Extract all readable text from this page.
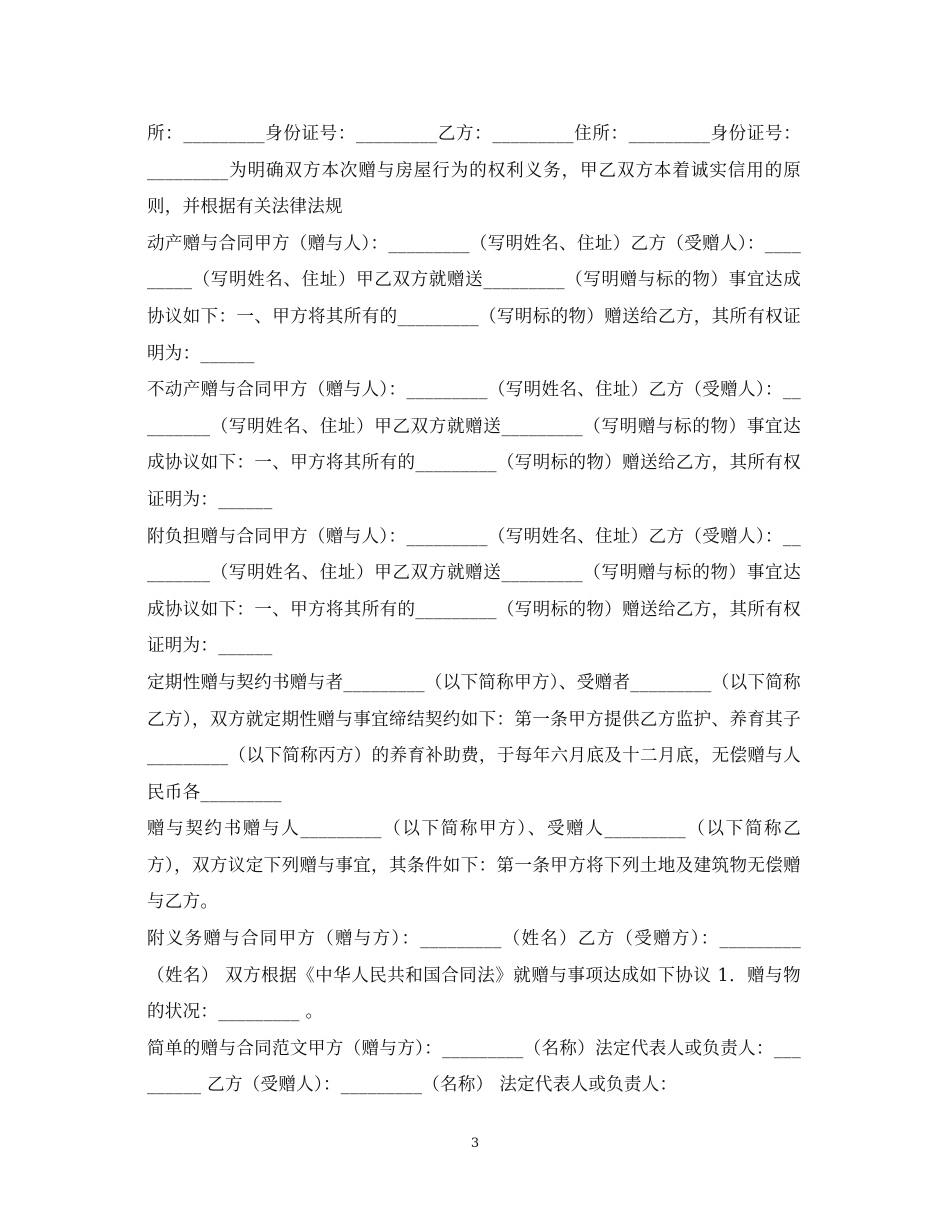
所：_________身份证号：_________乙方：_________住所：_________身份证号：_________为明确双方本次赠与房屋行为的权利义务，甲乙双方本着诚实信用的原则，并根据有关法律法规

动产赠与合同甲方（赠与人）：_________（写明姓名、住址）乙方（受赠人）：_________（写明姓名、住址）甲乙双方就赠送_________（写明赠与标的物）事宜达成协议如下：一、甲方将其所有的_________（写明标的物）赠送给乙方，其所有权证明为：______

不动产赠与合同甲方（赠与人）：_________（写明姓名、住址）乙方（受赠人）：_________（写明姓名、住址）甲乙双方就赠送_________（写明赠与标的物）事宜达成协议如下：一、甲方将其所有的_________（写明标的物）赠送给乙方，其所有权证明为：______

附负担赠与合同甲方（赠与人）：_________（写明姓名、住址）乙方（受赠人）：_________（写明姓名、住址）甲乙双方就赠送_________（写明赠与标的物）事宜达成协议如下：一、甲方将其所有的_________（写明标的物）赠送给乙方，其所有权证明为：______

定期性赠与契约书赠与者_________（以下简称甲方）、受赠者_________（以下简称乙方），双方就定期性赠与事宜缔结契约如下：第一条甲方提供乙方监护、养育其子_________（以下简称丙方）的养育补助费，于每年六月底及十二月底，无偿赠与人民币各_________

赠与契约书赠与人_________（以下简称甲方）、受赠人_________（以下简称乙方），双方议定下列赠与事宜，其条件如下：第一条甲方将下列土地及建筑物无偿赠与乙方。

附义务赠与合同甲方（赠与方）：_________（姓名）乙方（受赠方）：_________（姓名） 双方根据《中华人民共和国合同法》就赠与事项达成如下协议 1．赠与物的状况：_________ 。

简单的赠与合同范文甲方（赠与方）：_________（名称）法定代表人或负责人：_________ 乙方（受赠人）：_________（名称） 法定代表人或负责人：

3
